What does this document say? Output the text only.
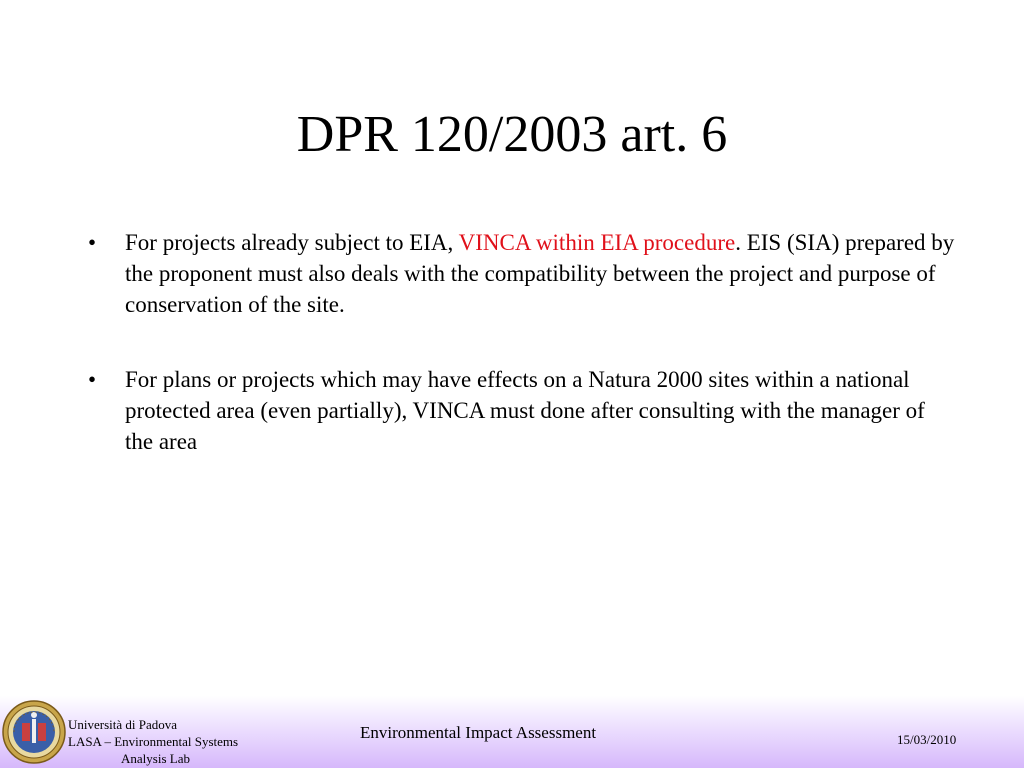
DPR 120/2003 art. 6
• For projects already subject to EIA, VINCA within EIA procedure. EIS (SIA) prepared by the proponent must also deals with the compatibility between the project and purpose of conservation of the site.
• For plans or projects which may have effects on a Natura 2000 sites within a national protected area (even partially), VINCA must done after consulting with the manager of the area
Università di Padova
LASA – Environmental Systems

Analysis Lab
Environmental Impact Assessment	15/03/2010
